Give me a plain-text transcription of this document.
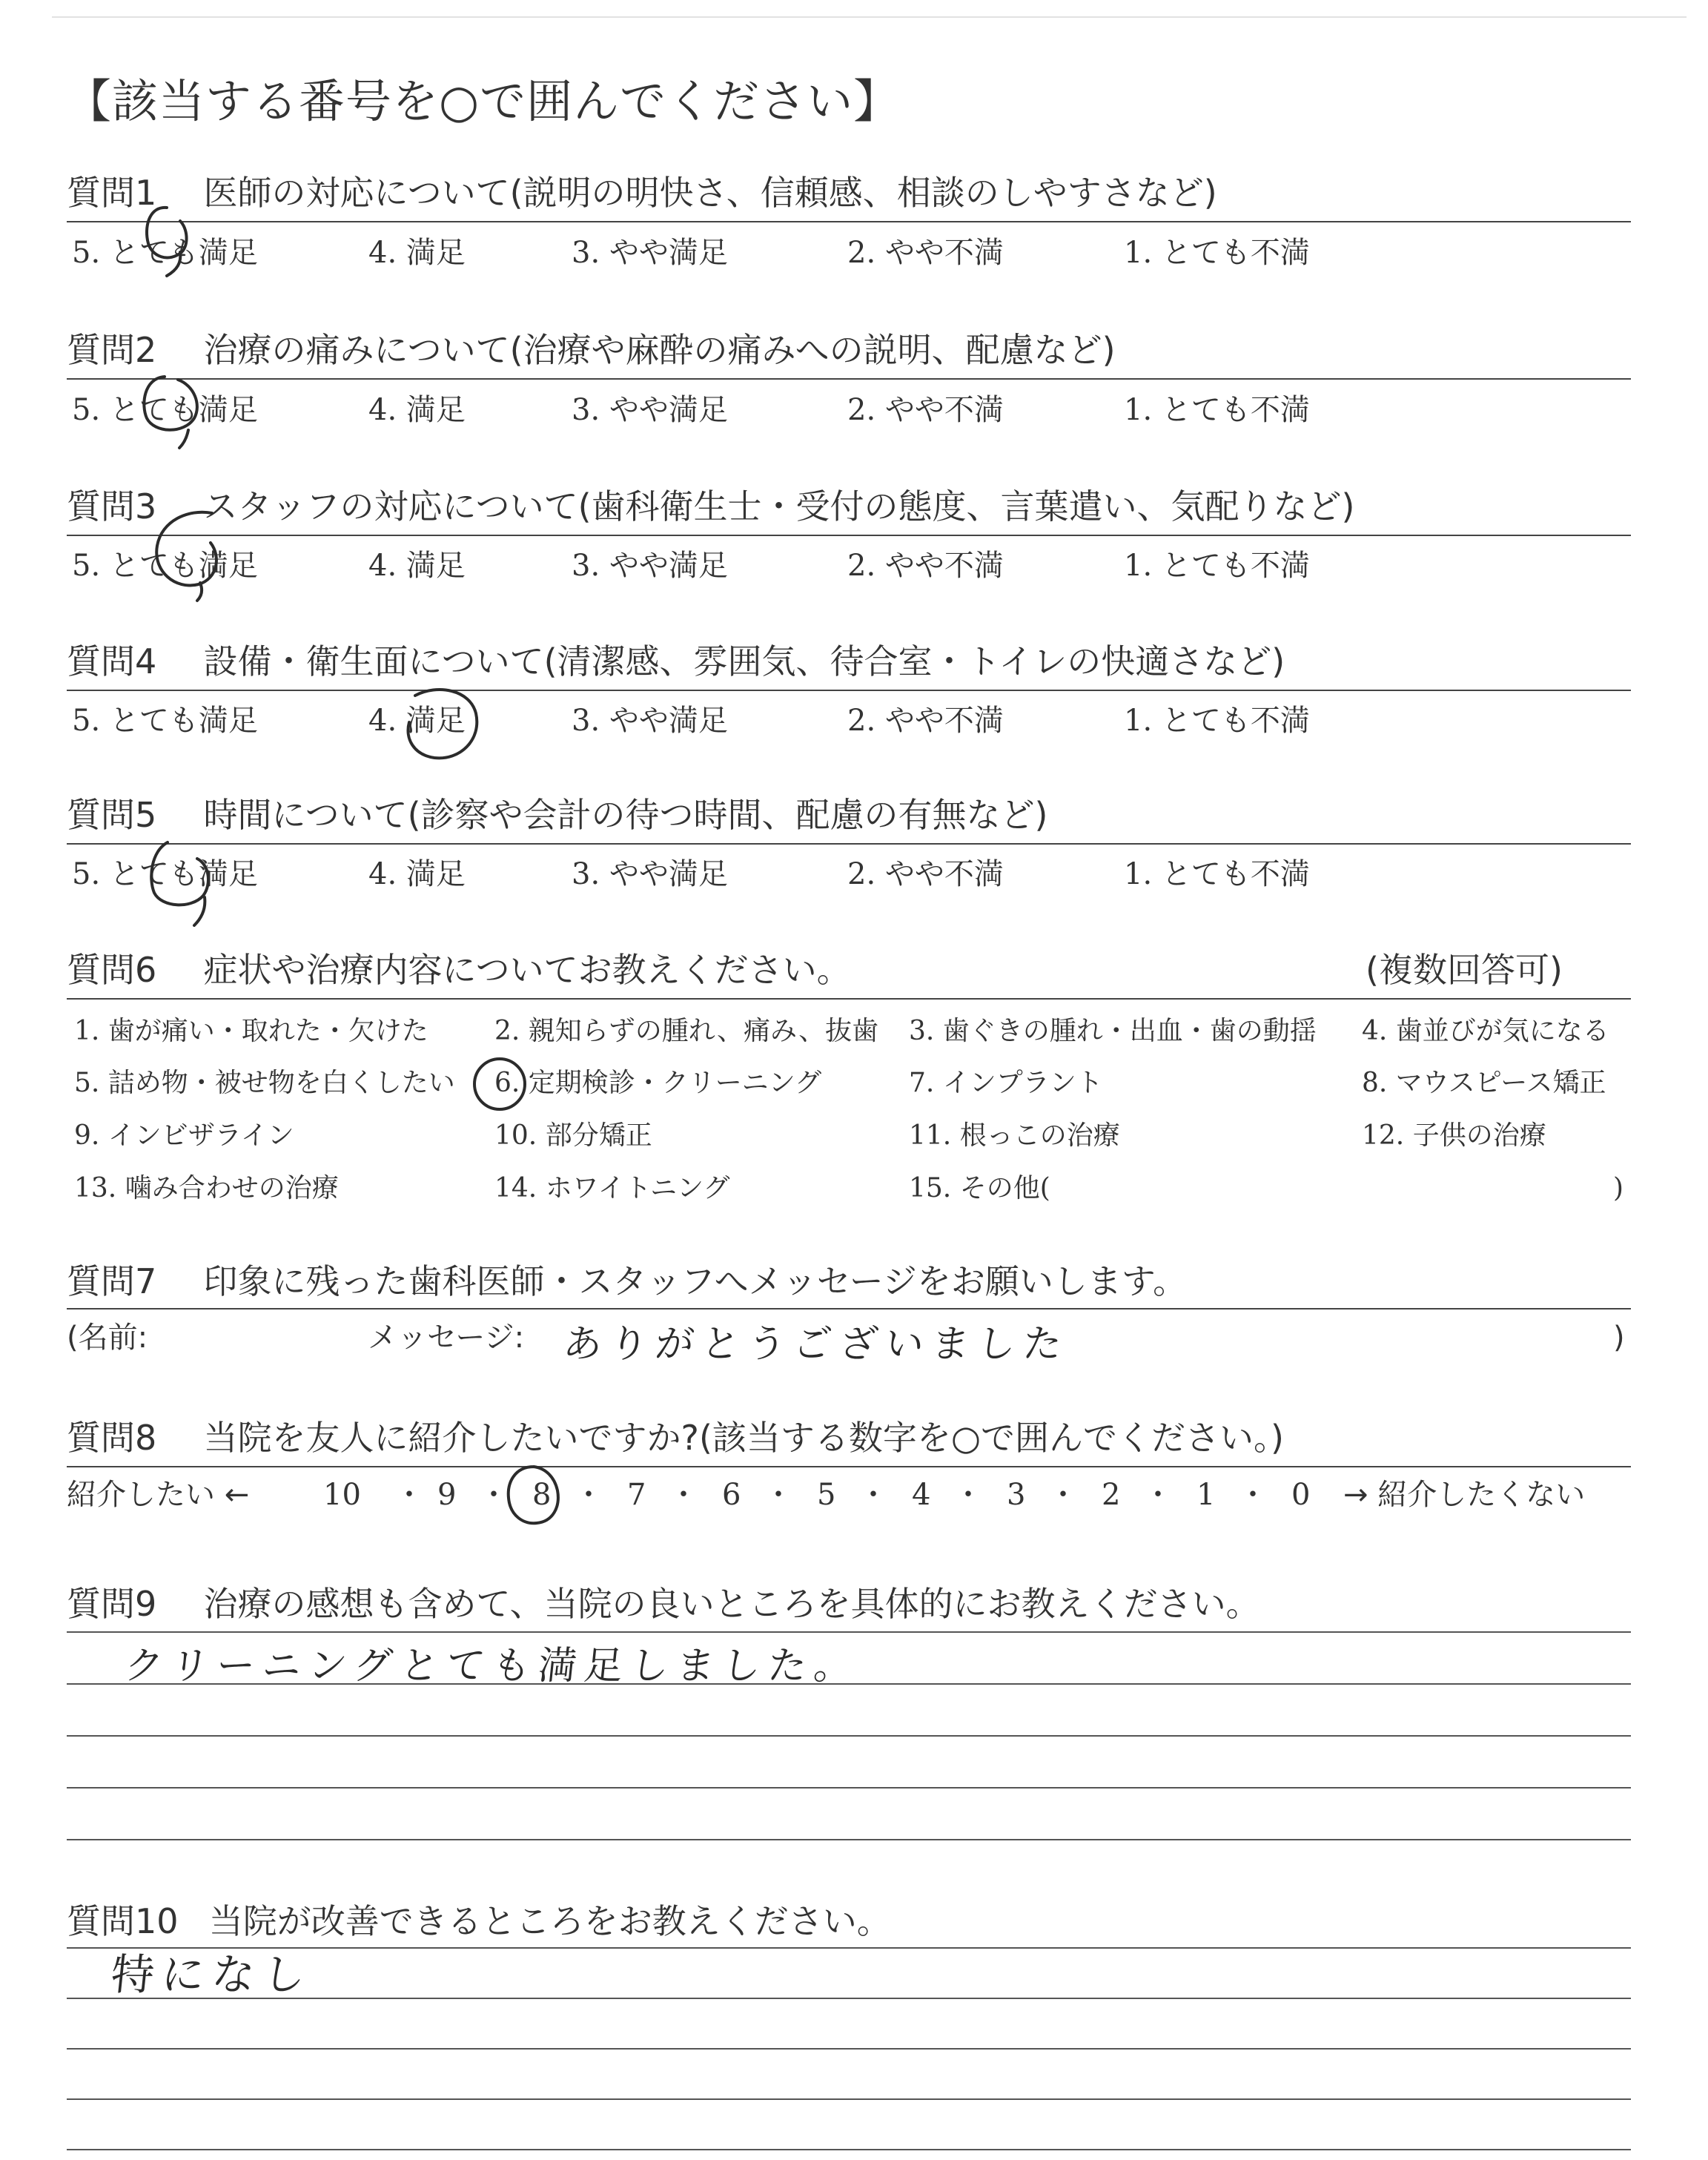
【該当する番号を○で囲んでください】
質問1 医師の対応について(説明の明快さ、信頼感、相談のしやすさなど)
5. とても満足	4. 満足	3. やや満足	2. やや不満	1. とても不満
質問2 治療の痛みについて(治療や麻酔の痛みへの説明、配慮など)
5. とても満足	4. 満足	3. やや満足	2. やや不満	1. とても不満
質問3 スタッフの対応について(歯科衛生士・受付の態度、言葉遣い、気配りなど)
5. とても満足	4. 満足	3. やや満足	2. やや不満	1. とても不満
質問4 設備・衛生面について(清潔感、雰囲気、待合室・トイレの快適さなど)
5. とても満足	4. 満足	3. やや満足	2. やや不満	1. とても不満
質問5 時間について(診察や会計の待つ時間、配慮の有無など)
5. とても満足	4. 満足	3. やや満足	2. やや不満	1. とても不満
質問6 症状や治療内容についてお教えください。	(複数回答可)
1. 歯が痛い・取れた・欠けた 2. 親知らずの腫れ、痛み、抜歯 3. 歯ぐきの腫れ・出血・歯の動揺 4. 歯並びが気になる
5. 詰め物・被せ物を白くしたい 6. 定期検診・クリーニング	7. インプラント	8. マウスピース矯正
9. インビザライン	10. 部分矯正	11. 根っこの治療	12. 子供の治療
13. 噛み合わせの治療	14. ホワイトニング	15. その他(	)
質問7 印象に残った歯科医師・スタッフへメッセージをお願いします。
(名前:	メッセージ: ありがとうございました	)
質問8 当院を友人に紹介したいですか?(該当する数字を○で囲んでください。)
紹介したい ← 10 ・ 9 ・ 8 ・ 7 ・ 6 ・ 5 ・ 4 ・ 3 ・ 2 ・ 1 ・ 0 → 紹介したくない
質問9 治療の感想も含めて、当院の良いところを具体的にお教えください。
クリーニングとても満足しました。
質問10 当院が改善できるところをお教えください。
特になし
